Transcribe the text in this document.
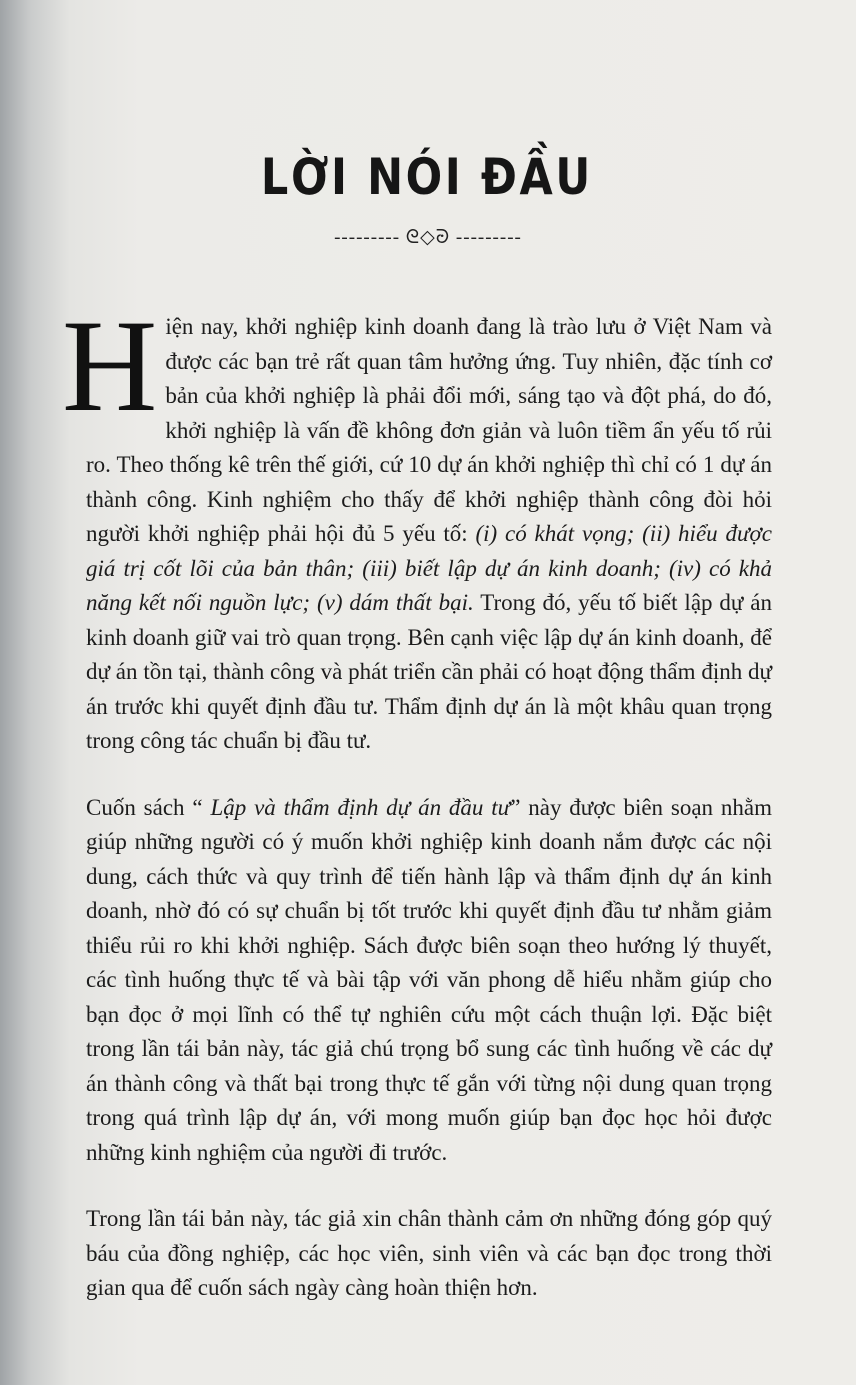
LỜI NÓI ĐẦU
--------- ᘓ◇ᘒ ---------

Hiện nay, khởi nghiệp kinh doanh đang là trào lưu ở Việt Nam và được các bạn trẻ rất quan tâm hưởng ứng. Tuy nhiên, đặc tính cơ bản của khởi nghiệp là phải đổi mới, sáng tạo và đột phá, do đó, khởi nghiệp là vấn đề không đơn giản và luôn tiềm ẩn yếu tố rủi ro. Theo thống kê trên thế giới, cứ 10 dự án khởi nghiệp thì chỉ có 1 dự án thành công. Kinh nghiệm cho thấy để khởi nghiệp thành công đòi hỏi người khởi nghiệp phải hội đủ 5 yếu tố: (i) có khát vọng; (ii) hiểu được giá trị cốt lõi của bản thân; (iii) biết lập dự án kinh doanh; (iv) có khả năng kết nối nguồn lực; (v) dám thất bại. Trong đó, yếu tố biết lập dự án kinh doanh giữ vai trò quan trọng. Bên cạnh việc lập dự án kinh doanh, để dự án tồn tại, thành công và phát triển cần phải có hoạt động thẩm định dự án trước khi quyết định đầu tư. Thẩm định dự án là một khâu quan trọng trong công tác chuẩn bị đầu tư.

Cuốn sách “ Lập và thẩm định dự án đầu tư” này được biên soạn nhằm giúp những người có ý muốn khởi nghiệp kinh doanh nắm được các nội dung, cách thức và quy trình để tiến hành lập và thẩm định dự án kinh doanh, nhờ đó có sự chuẩn bị tốt trước khi quyết định đầu tư nhằm giảm thiểu rủi ro khi khởi nghiệp. Sách được biên soạn theo hướng lý thuyết, các tình huống thực tế và bài tập với văn phong dễ hiểu nhằm giúp cho bạn đọc ở mọi lĩnh có thể tự nghiên cứu một cách thuận lợi. Đặc biệt trong lần tái bản này, tác giả chú trọng bổ sung các tình huống về các dự án thành công và thất bại trong thực tế gắn với từng nội dung quan trọng trong quá trình lập dự án, với mong muốn giúp bạn đọc học hỏi được những kinh nghiệm của người đi trước.

Trong lần tái bản này, tác giả xin chân thành cảm ơn những đóng góp quý báu của đồng nghiệp, các học viên, sinh viên và các bạn đọc trong thời gian qua để cuốn sách ngày càng hoàn thiện hơn.
